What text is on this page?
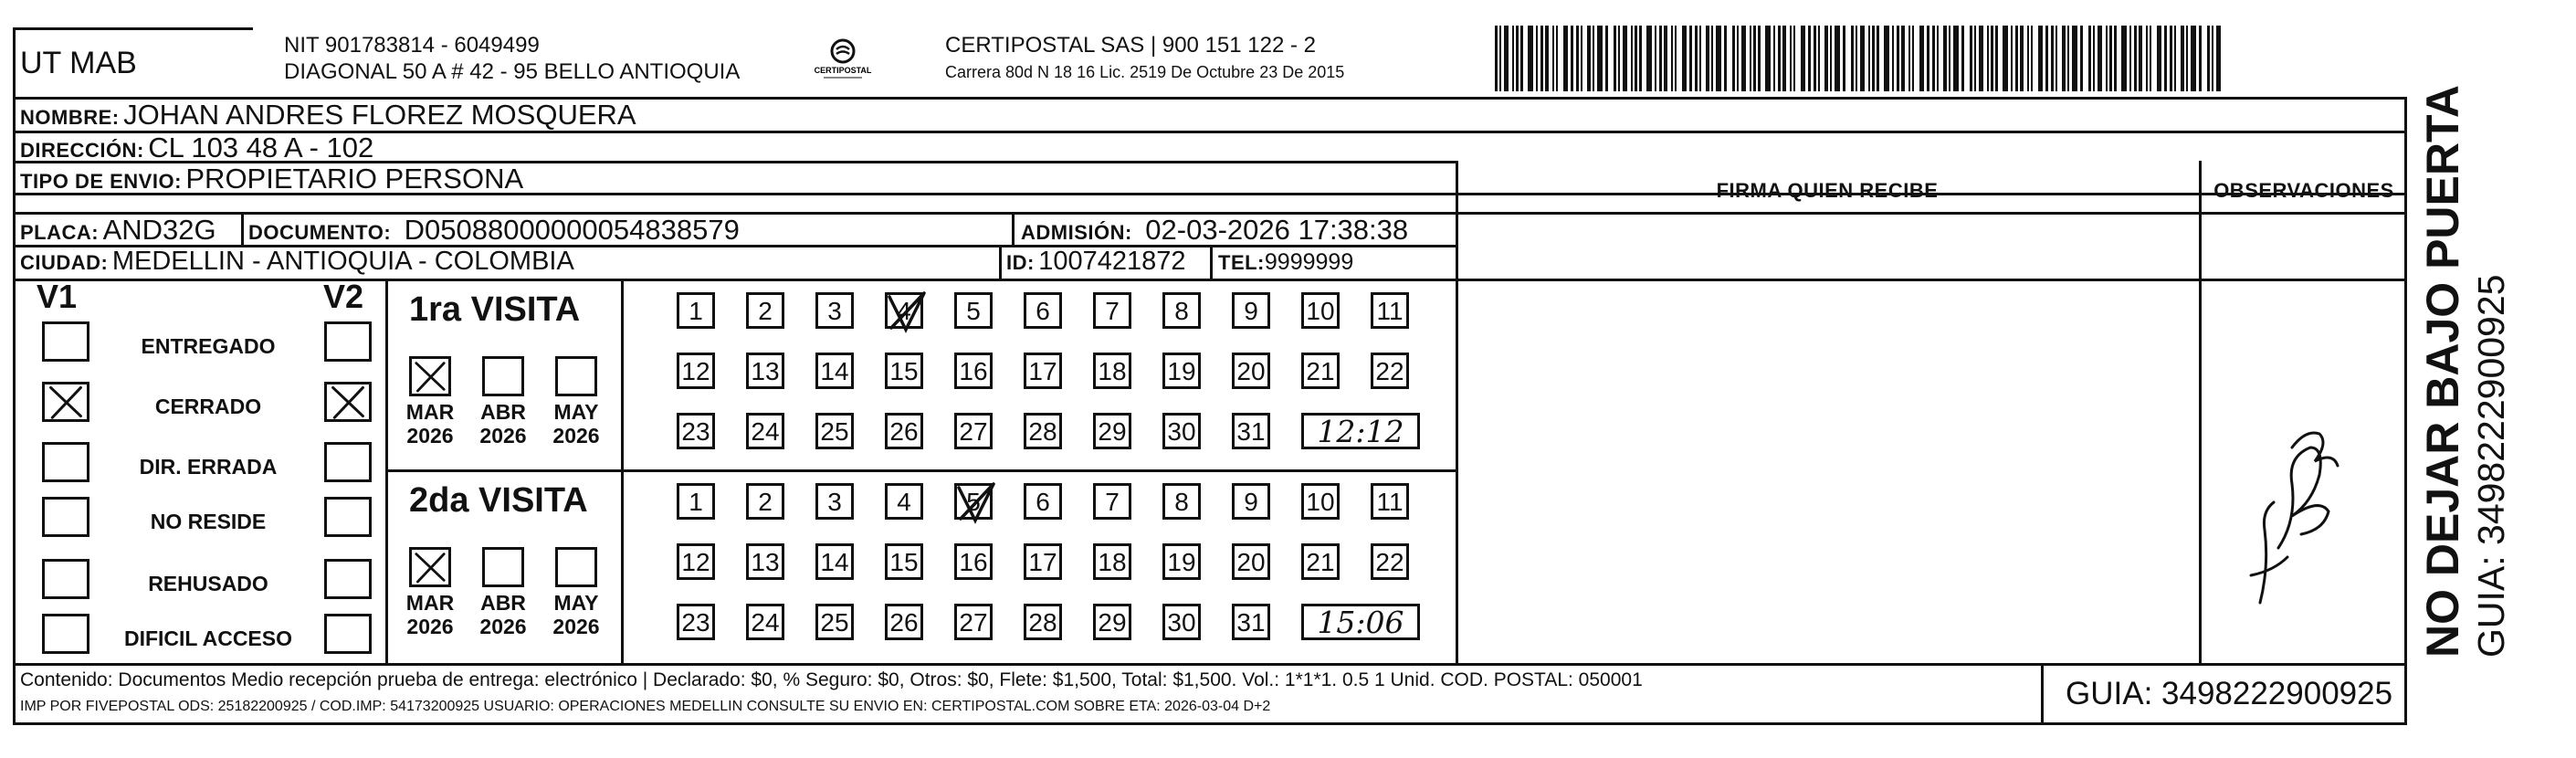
UT MAB
NIT 901783814 - 6049499
DIAGONAL 50 A # 42 - 95 BELLO ANTIOQUIA	CERTIPOSTAL
CERTIPOSTAL SAS | 900 151 122 - 2
Carrera 80d N 18 16 Lic. 2519 De Octubre 23 De 2015
NOMBRE: JOHAN ANDRES FLOREZ MOSQUERA
DIRECCIÓN: CL 103 48 A - 102
TIPO DE ENVIO: PROPIETARIO PERSONA	FIRMA QUIEN RECIBE	OBSERVACIONES
PLACA: AND32G DOCUMENTO: D05088000000054838579	ADMISIÓN: 02-03-2026 17:38:38
CIUDAD: MEDELLIN - ANTIOQUIA - COLOMBIA	ID: 1007421872 TEL:9999999
V1	V2
ENTREGADO
CERRADO
DIR. ERRADA
NO RESIDE
REHUSADO
DIFICIL ACCESO
1ra VISITA
MAR
2026
ABR
2026
MAY
2026
1	2	3	4	5	6	7	8	9	10 11
12 13 14 15 16 17 18 19 20 21 22
23 24 25 26 27 28 29 30 31	12:12
2da VISITA
MAR
2026
ABR
2026
MAY
2026
1	2	3	4	5	6	7	8	9	10 11
12 13 14 15 16 17 18 19 20 21 22
23 24 25 26 27 28 29 30 31	15:06	NO DEJAR BAJO PUERTA GUIA: 3498222900925
Contenido: Documentos Medio recepción prueba de entrega: electrónico | Declarado: $0, % Seguro: $0, Otros: $0, Flete: $1,500, Total: $1,500. Vol.: 1*1*1. 0.5 1 Unid. COD. POSTAL: 050001
IMP POR FIVEPOSTAL ODS: 25182200925 / COD.IMP: 54173200925 USUARIO: OPERACIONES MEDELLIN CONSULTE SU ENVIO EN: CERTIPOSTAL.COM SOBRE ETA: 2026-03-04 D+2	GUIA: 3498222900925
